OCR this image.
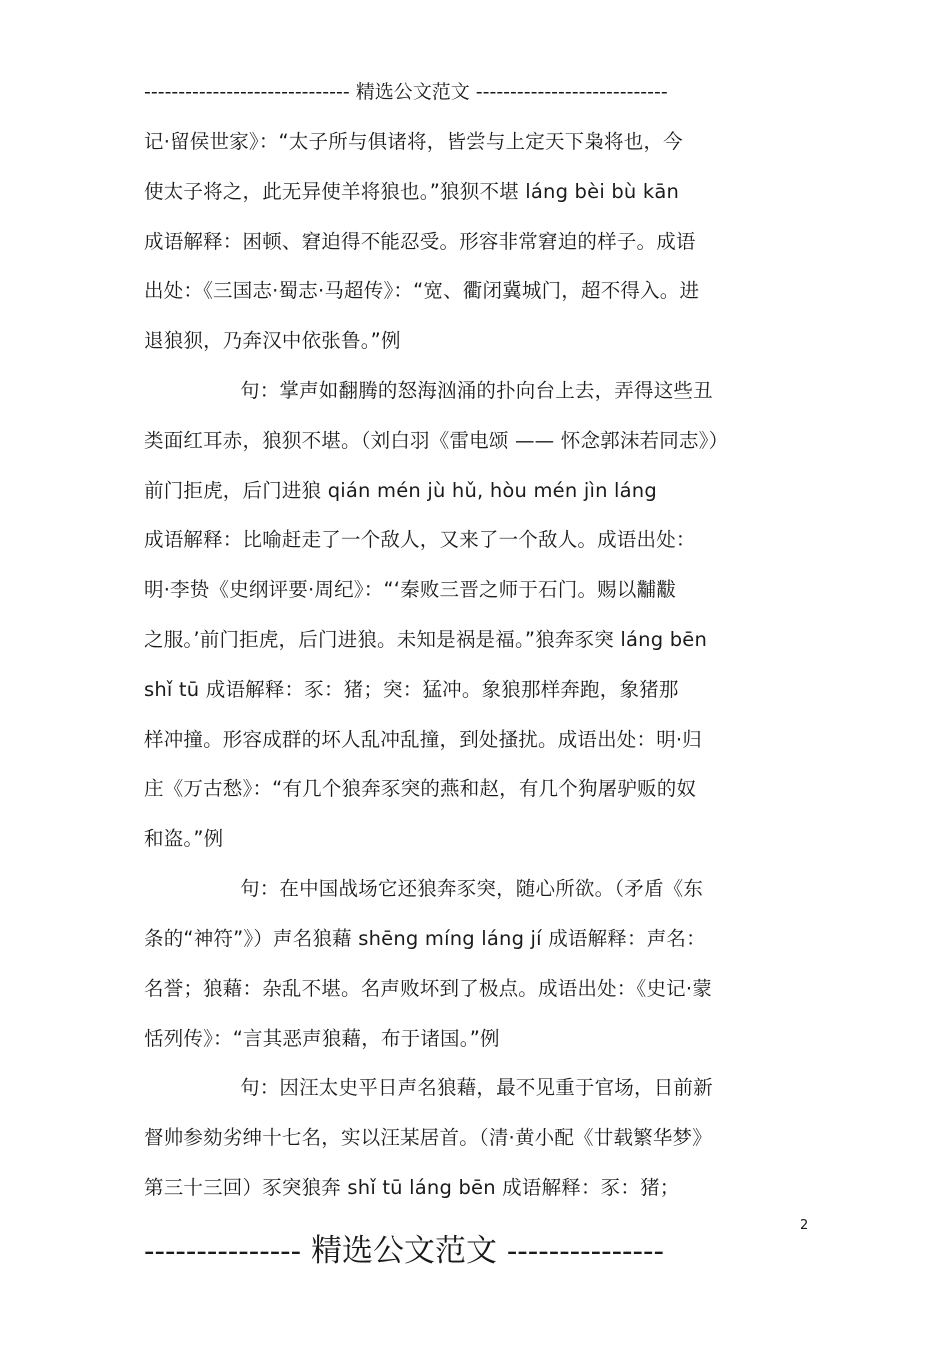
------------------------------ 精选公文范文 ----------------------------
记·留侯世家》：“太子所与俱诸将，皆尝与上定天下枭将也，今
使太子将之，此无异使羊将狼也。”狼狈不堪 láng bèi bù kān
成语解释：困顿、窘迫得不能忍受。形容非常窘迫的样子。成语
出处：《三国志·蜀志·马超传》：“宽、衢闭冀城门，超不得入。进
退狼狈，乃奔汉中依张鲁。”例
句：掌声如翻腾的怒海汹涌的扑向台上去，弄得这些丑
类面红耳赤，狼狈不堪。（刘白羽《雷电颂 —— 怀念郭沫若同志》）
前门拒虎，后门进狼 qián mén jù hǔ, hòu mén jìn láng
成语解释：比喻赶走了一个敌人，又来了一个敌人。成语出处：
明·李贽《史纲评要·周纪》：“‘秦败三晋之师于石门。赐以黼黻
之服。’前门拒虎，后门进狼。未知是祸是福。”狼奔豕突 láng bēn
shǐ tū 成语解释：豕：猪；突：猛冲。象狼那样奔跑，象猪那
样冲撞。形容成群的坏人乱冲乱撞，到处搔扰。成语出处：明·归
庄《万古愁》：“有几个狼奔豕突的燕和赵，有几个狗屠驴贩的奴
和盗。”例
句：在中国战场它还狼奔豕突，随心所欲。（矛盾《东
条的“神符”》）声名狼藉 shēng míng láng jí 成语解释：声名：
名誉；狼藉：杂乱不堪。名声败坏到了极点。成语出处：《史记·蒙
恬列传》：“言其恶声狼藉，布于诸国。”例
句：因汪太史平日声名狼藉，最不见重于官场，日前新
督帅参劾劣绅十七名，实以汪某居首。（清·黄小配《廿载繁华梦》
第三十三回）豕突狼奔 shǐ tū láng bēn 成语解释：豕：猪；
2
--------------- 精选公文范文 ---------------
